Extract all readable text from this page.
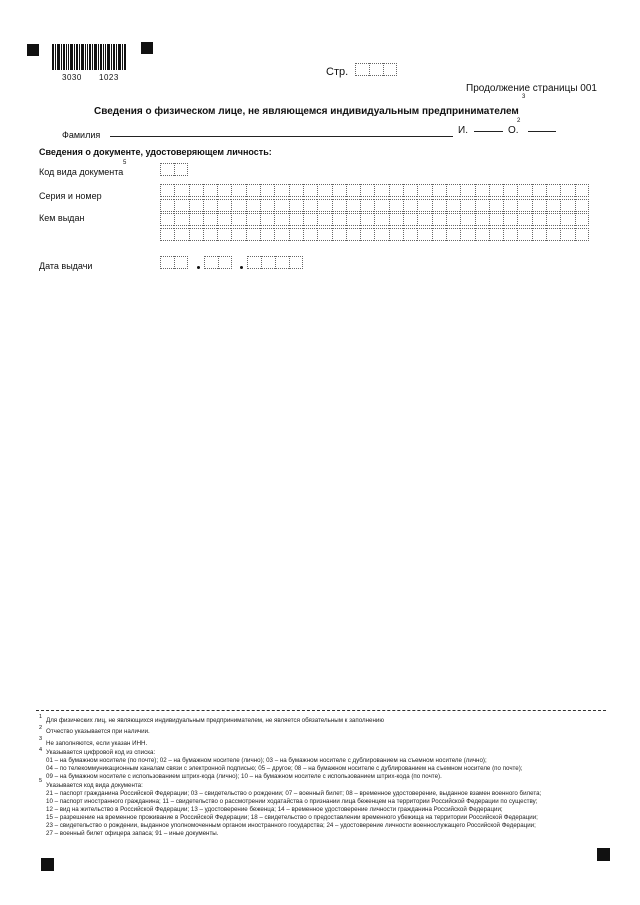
3030 1023	Стр.
Продолжение страницы 001
Сведения о физическом лице, не являющемся индивидуальным предпринимателем
3
Фамилия	И.	О.
2
Сведения о документе, удостоверяющем личность:
Код вида документа
5
Серия и номер
Кем выдан
Дата выдачи
1 Для физических лиц, не являющихся индивидуальным предпринимателем, не является обязательным к заполнению
2 Отчество указывается при наличии.
3
Не заполняются, если указан ИНН.
4 Указывается цифровой код из списка:
01 – на бумажном носителе (по почте); 02 – на бумажном носителе (лично); 03 – на бумажном носителе с дублированием на съемном носителе (лично);
04 – по телекоммуникационным каналам связи с электронной подписью; 05 – другое; 08 – на бумажном носителе с дублированием на съемном носителе (по почте);
09 – на бумажном носителе с использованием штрих-кода (лично); 10 – на бумажном носителе с использованием штрих-кода (по почте).
5
Указывается код вида документа:
21 – паспорт гражданина Российской Федерации; 03 – свидетельство о рождении; 07 – военный билет; 08 – временное удостоверение, выданное взамен военного билета;
10 – паспорт иностранного гражданина; 11 – свидетельство о рассмотрении ходатайства о признании лица беженцем на территории Российской Федерации по существу;
12 – вид на жительство в Российской Федерации; 13 – удостоверение беженца; 14 – временное удостоверение личности гражданина Российской Федерации;
15 – разрешение на временное проживание в Российской Федерации; 18 – свидетельство о предоставлении временного убежища на территории Российской Федерации;
23 – свидетельство о рождении, выданное уполномоченным органом иностранного государства; 24 – удостоверение личности военнослужащего Российской Федерации;
27 – военный билет офицера запаса; 91 – иные документы.
